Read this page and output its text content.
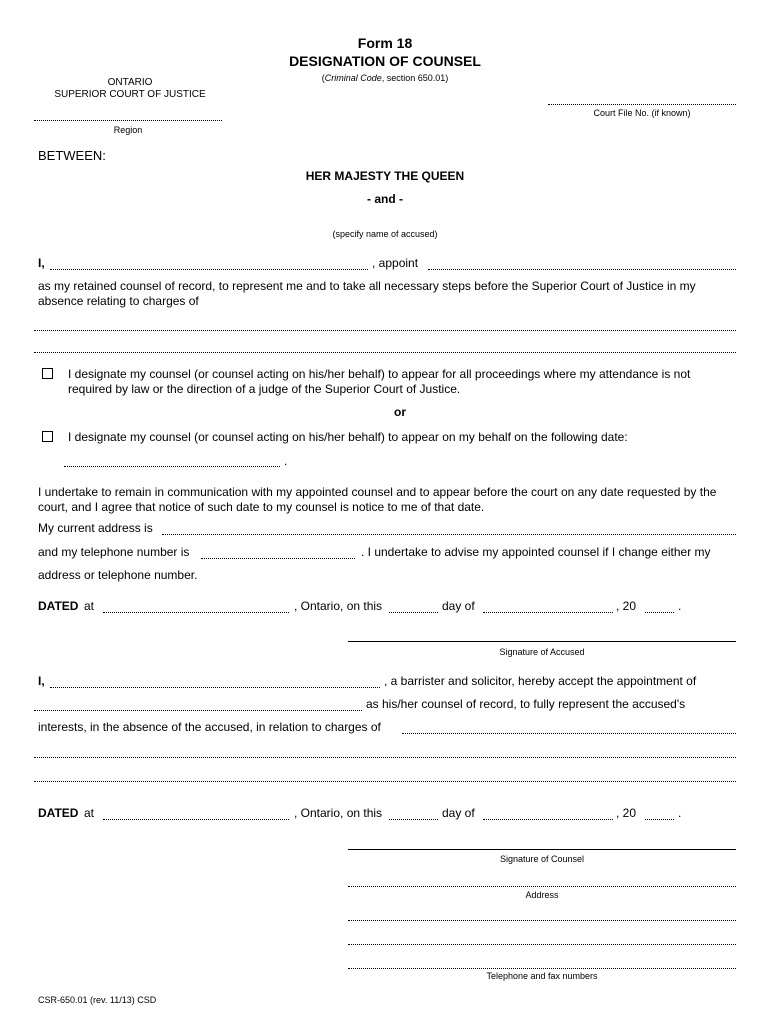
Form 18
DESIGNATION OF COUNSEL
(Criminal Code, section 650.01)
ONTARIO
SUPERIOR COURT OF JUSTICE
Court File No. (if known)
Region
BETWEEN:
HER MAJESTY THE QUEEN
- and -
(specify name of accused)
I,	, appoint
as my retained counsel of record, to represent me and to take all necessary steps before the Superior Court of Justice in my absence relating to charges of
I designate my counsel (or counsel acting on his/her behalf) to appear for all proceedings where my attendance is not required by law or the direction of a judge of the Superior Court of Justice.
or
I designate my counsel (or counsel acting on his/her behalf) to appear on my behalf on the following date:
.
I undertake to remain in communication with my appointed counsel and to appear before the court on any date requested by the court, and I agree that notice of such date to my counsel is notice to me of that date.
My current address is
and my telephone number is	. I undertake to advise my appointed counsel if I change either my
address or telephone number.
DATED at	, Ontario, on this	day of	, 20	.
Signature of Accused
I,	, a barrister and solicitor, hereby accept the appointment of
as his/her counsel of record, to fully represent the accused's
interests, in the absence of the accused, in relation to charges of
DATED at	, Ontario, on this	day of	, 20	.
Signature of Counsel
Address
Telephone and fax numbers
CSR-650.01 (rev. 11/13) CSD
